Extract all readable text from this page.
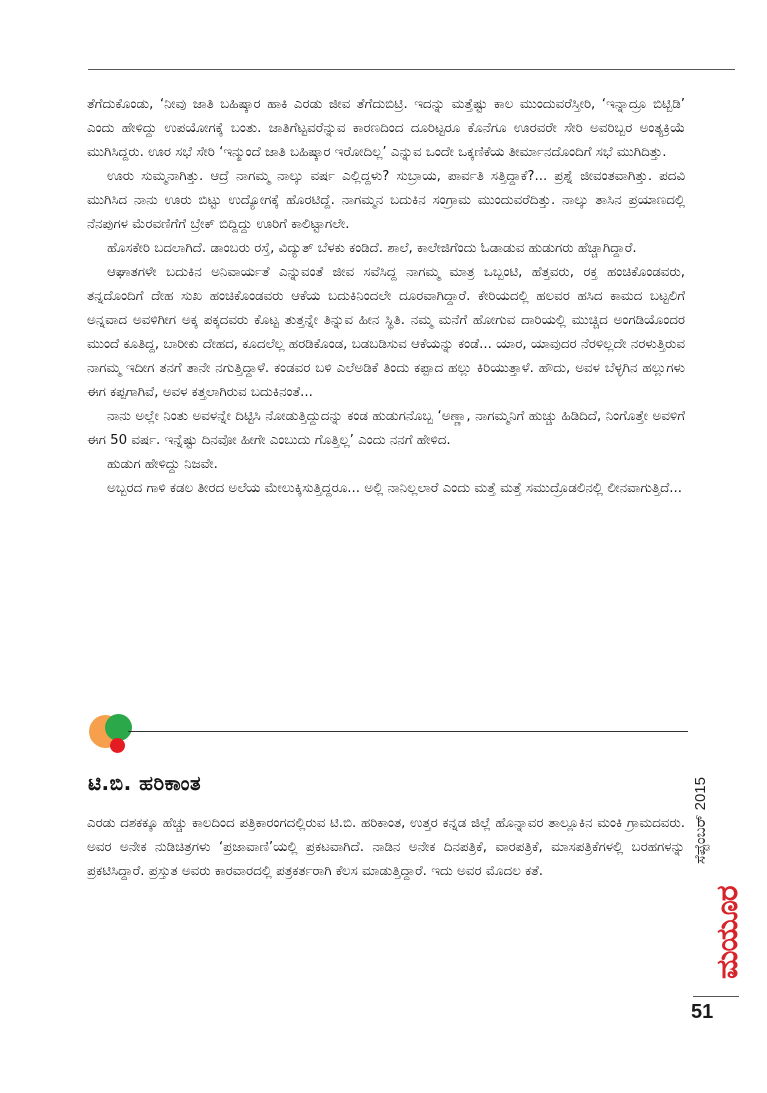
ತೆಗೆದುಕೊಂಡು, ‘ನೀವು ಜಾತಿ ಬಹಿಷ್ಕಾರ ಹಾಕಿ ಎರಡು ಜೀವ ತೆಗೆದುಬಿಟ್ರಿ. ಇದನ್ನು ಮತ್ತೆಷ್ಟು ಕಾಲ ಮುಂದುವರೆಸ್ತೀರಿ, ‘ಇನ್ನಾದ್ರೂ ಬಿಟ್ಬಿಡಿ’ ಎಂದು ಹೇಳಿದ್ದು ಉಪಯೋಗಕ್ಕೆ ಬಂತು. ಜಾತಿಗೆಟ್ಟವರೆನ್ನುವ ಕಾರಣದಿಂದ ದೂರಿಟ್ಟರೂ ಕೊನೆಗೂ ಊರವರೇ ಸೇರಿ ಅವರಿಬ್ಬರ ಅಂತ್ಯಕ್ರಿಯೆ ಮುಗಿಸಿದ್ದರು. ಊರ ಸಭೆ ಸೇರಿ ‘ಇನ್ಮುಂದೆ ಜಾತಿ ಬಹಿಷ್ಕಾರ ಇರೋದಿಲ್ಲ’ ಎನ್ನುವ ಒಂದೇ ಒಕ್ಕಣಿಕೆಯ ತೀರ್ಮಾನದೊಂದಿಗೆ ಸಭೆ ಮುಗಿದಿತ್ತು.

ಊರು ಸುಮ್ಮನಾಗಿತ್ತು. ಆದ್ರೆ ನಾಗಮ್ಮ ನಾಲ್ಕು ವರ್ಷ ಎಲ್ಲಿದ್ದಳು? ಸುಬ್ರಾಯ, ಪಾರ್ವತಿ ಸತ್ತಿದ್ದಾಕೆ?... ಪ್ರಶ್ನೆ ಜೀವಂತವಾಗಿತ್ತು. ಪದವಿ ಮುಗಿಸಿದ ನಾನು ಊರು ಬಿಟ್ಟು ಉದ್ಯೋಗಕ್ಕೆ ಹೊರಟಿದ್ದೆ. ನಾಗಮ್ಮನ ಬದುಕಿನ ಸಂಗ್ರಾಮ ಮುಂದುವರೆದಿತ್ತು. ನಾಲ್ಕು ತಾಸಿನ ಪ್ರಯಾಣದಲ್ಲಿ ನೆನಪುಗಳ ಮೆರವಣಿಗೆಗೆ ಬ್ರೇಕ್ ಬಿದ್ದಿದ್ದು ಊರಿಗೆ ಕಾಲಿಟ್ಟಾಗಲೇ.

ಹೊಸಕೇರಿ ಬದಲಾಗಿದೆ. ಡಾಂಬರು ರಸ್ತೆ, ವಿದ್ಯುತ್ ಬೆಳಕು ಕಂಡಿದೆ. ಶಾಲೆ, ಕಾಲೇಜಿಗೆಂದು ಓಡಾಡುವ ಹುಡುಗರು ಹೆಚ್ಚಾಗಿದ್ದಾರೆ.

ಆಘಾತಗಳೇ ಬದುಕಿನ ಅನಿವಾರ್ಯತೆ ಎನ್ನುವಂತೆ ಜೀವ ಸವೆಸಿದ್ದ ನಾಗಮ್ಮ ಮಾತ್ರ ಒಬ್ಬಂಟಿ, ಹೆತ್ತವರು, ರಕ್ತ ಹಂಚಿಕೊಂಡವರು, ತನ್ನದೊಂದಿಗೆ ದೇಹ ಸುಖ ಹಂಚಿಕೊಂಡವರು ಆಕೆಯ ಬದುಕಿನಿಂದಲೇ ದೂರವಾಗಿದ್ದಾರೆ. ಕೇರಿಯದಲ್ಲಿ ಹಲವರ ಹಸಿದ ಕಾಮದ ಬಟ್ಟಲಿಗೆ ಅನ್ನವಾದ ಅವಳಿಗೀಗ ಅಕ್ಕ ಪಕ್ಕದವರು ಕೊಟ್ಟ ತುತ್ತನ್ನೇ ತಿನ್ನುವ ಹೀನ ಸ್ಥಿತಿ. ನಮ್ಮ ಮನೆಗೆ ಹೋಗುವ ದಾರಿಯಲ್ಲಿ ಮುಚ್ಚಿದ ಅಂಗಡಿಯೊಂದರ ಮುಂದೆ ಕೂತಿದ್ದ, ಬಾರೀಕು ದೇಹದ, ಕೂದಲೆಲ್ಲ ಹರಡಿಕೊಂಡ, ಬಡಬಡಿಸುವ ಆಕೆಯನ್ನು ಕಂಡೆ... ಯಾರ, ಯಾವುದರ ನೆರಳಿಲ್ಲದೇ ನರಳುತ್ತಿರುವ ನಾಗಮ್ಮ ಇದೀಗ ತನಗೆ ತಾನೇ ನಗುತ್ತಿದ್ದಾಳೆ. ಕಂಡವರ ಬಳಿ ಎಲೆಅಡಿಕೆ ತಿಂದು ಕಪ್ಪಾದ ಹಲ್ಲು ಕಿರಿಯುತ್ತಾಳೆ. ಹೌದು, ಅವಳ ಬೆಳ್ಳಗಿನ ಹಲ್ಲುಗಳು ಈಗ ಕಪ್ಪಗಾಗಿವೆ, ಅವಳ ಕತ್ತಲಾಗಿರುವ ಬದುಕಿನಂತೆ...

ನಾನು ಅಲ್ಲೇ ನಿಂತು ಅವಳನ್ನೇ ದಿಟ್ಟಿಸಿ ನೋಡುತ್ತಿದ್ದುದನ್ನು ಕಂಡ ಹುಡುಗನೊಬ್ಬ ‘ಅಣ್ಣಾ, ನಾಗಮ್ಮನಿಗೆ ಹುಚ್ಚು ಹಿಡಿದಿದೆ, ನಿಂಗೊತ್ತೇ ಅವಳಿಗೆ ಈಗ 50 ವರ್ಷ. ಇನ್ನೆಷ್ಟು ದಿನವೋ ಹೀಗೇ ಎಂಬುದು ಗೊತ್ತಿಲ್ಲ’ ಎಂದು ನನಗೆ ಹೇಳಿದ.

ಹುಡುಗ ಹೇಳಿದ್ದು ನಿಜವೇ.

ಅಬ್ಬರದ ಗಾಳಿ ಕಡಲ ತೀರದ ಅಲೆಯ ಮೇಲುಕ್ಕಿಸುತ್ತಿದ್ದರೂ... ಅಲ್ಲಿ ನಾನಿಲ್ಲಲಾರೆ ಎಂದು ಮತ್ತೆ ಮತ್ತೆ ಸಮುದ್ರೊಡಲಿನಲ್ಲಿ ಲೀನವಾಗುತ್ತಿದೆ...

ಟಿ.ಬಿ. ಹರಿಕಾಂತ

ಎರಡು ದಶಕಕ್ಕೂ ಹೆಚ್ಚು ಕಾಲದಿಂದ ಪತ್ರಿಕಾರಂಗದಲ್ಲಿರುವ ಟಿ.ಬಿ. ಹರಿಕಾಂತ, ಉತ್ತರ ಕನ್ನಡ ಜಿಲ್ಲೆ ಹೊನ್ನಾವರ ತಾಲ್ಲೂಕಿನ ಮಂಕಿ ಗ್ರಾಮದವರು. ಅವರ ಅನೇಕ ನುಡಿಚಿತ್ರಗಳು ‘ಪ್ರಜಾವಾಣಿ’ಯಲ್ಲಿ ಪ್ರಕಟವಾಗಿದೆ. ನಾಡಿನ ಅನೇಕ ದಿನಪತ್ರಿಕೆ, ವಾರಪತ್ರಿಕೆ, ಮಾಸಪತ್ರಿಕೆಗಳಲ್ಲಿ ಬರಹಗಳನ್ನು ಪ್ರಕಟಿಸಿದ್ದಾರೆ. ಪ್ರಸ್ತುತ ಅವರು ಕಾರವಾರದಲ್ಲಿ ಪತ್ರಕರ್ತರಾಗಿ ಕೆಲಸ ಮಾಡುತ್ತಿದ್ದಾರೆ. ಇದು ಅವರ ಮೊದಲ ಕತೆ.

ಮಯೂರ
ಸೆಪ್ಟೆಂಬರ್ 2015

51
